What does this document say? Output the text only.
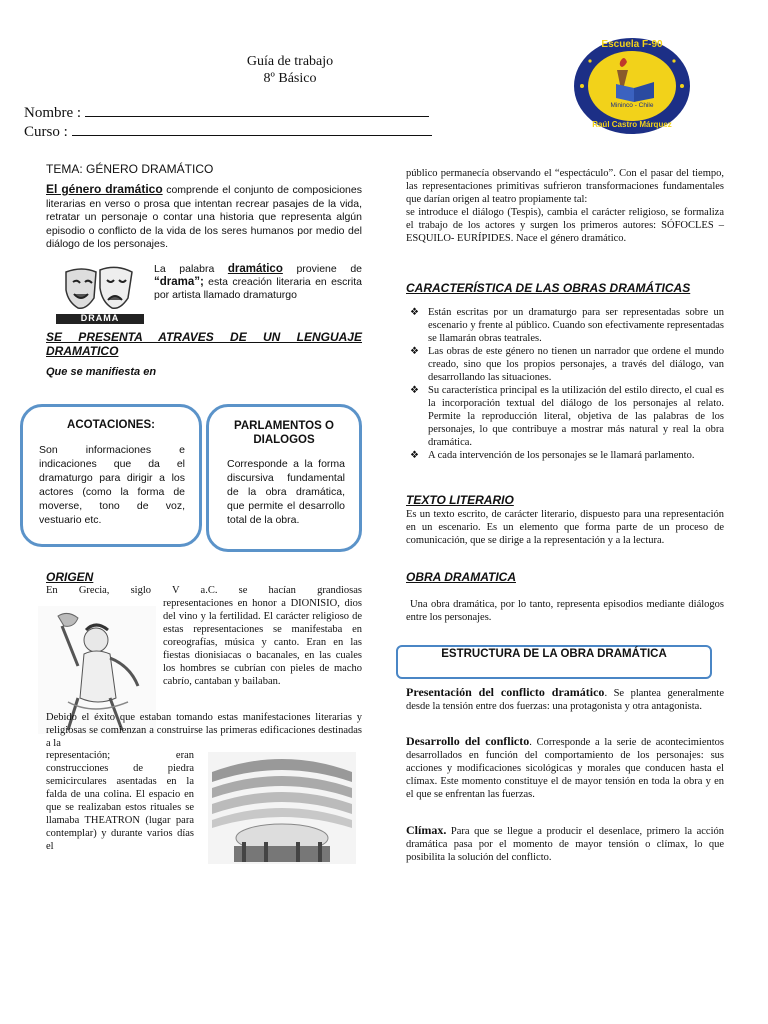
Guía de trabajo
8º Básico
Nombre :
Curso :
Escuela F-90
Mininco - Chile
Raúl Castro Márquez
TEMA: GÉNERO DRAMÁTICO
El género dramático comprende el conjunto de composiciones literarias en verso o prosa que intentan recrear pasajes de la vida, retratar un personaje o contar una historia que representa algún episodio o conflicto de la vida de los seres humanos por medio del diálogo de los personajes.
DRAMA
La palabra dramático proviene de “drama”; esta creación literaria en escrita por artista llamado dramaturgo
SE PRESENTA ATRAVES DE UN LENGUAJE DRAMATICO
Que se manifiesta en
ACOTACIONES:
Son informaciones e indicaciones que da el dramaturgo para dirigir a los actores (como la forma de moverse, tono de voz, vestuario etc.
PARLAMENTOS O DIALOGOS
Corresponde a la forma discursiva fundamental de la obra dramática, que permite el desarrollo total de la obra.
ORIGEN
En Grecia, siglo V a.C. se hacían grandiosas
representaciones en honor a DIONISIO, dios del vino y la fertilidad. El carácter religioso de estas representaciones se manifestaba en coreografías, música y canto. Eran en las fiestas dionisiacas o bacanales, en las cuales los hombres se cubrían con pieles de macho cabrío, cantaban y bailaban.
Debido el éxito que estaban tomando estas manifestaciones literarias y religiosas se comienzan a construirse las primeras edificaciones destinadas a la
representación; eran construcciones de piedra semicirculares asentadas en la falda de una colina. El espacio en que se realizaban estos rituales se llamaba THEATRON (lugar para contemplar) y durante varios días el
público permanecía observando el “espectáculo”. Con el pasar del tiempo, las representaciones primitivas sufrieron transformaciones fundamentales que darían origen al teatro propiamente tal:
se introduce el diálogo (Tespis), cambia el carácter religioso, se formaliza el trabajo de los actores y surgen los primeros autores: SÓFOCLES –ESQUILO- EURÍPIDES. Nace el género dramático.
CARACTERÍSTICA DE LAS OBRAS DRAMÁTICAS
❖ Están escritas por un dramaturgo para ser representadas sobre un escenario y frente al público. Cuando son efectivamente representadas se llamarán obras teatrales.
❖ Las obras de este género no tienen un narrador que ordene el mundo creado, sino que los propios personajes, a través del diálogo, van desarrollando las situaciones.
❖ Su característica principal es la utilización del estilo directo, el cual es la incorporación textual del diálogo de los personajes al relato. Permite la reproducción literal, objetiva de las palabras de los personajes, lo que contribuye a mostrar más natural y real la obra dramática.
❖ A cada intervención de los personajes se le llamará parlamento.
TEXTO LITERARIO
Es un texto escrito, de carácter literario, dispuesto para una representación en un escenario. Es un elemento que forma parte de un proceso de comunicación, que se dirige a la representación y a la lectura.
OBRA DRAMATICA
Una obra dramática, por lo tanto, representa episodios mediante diálogos entre los personajes.
ESTRUCTURA DE LA OBRA DRAMÁTICA
Presentación del conflicto dramático. Se plantea generalmente desde la tensión entre dos fuerzas: una protagonista y otra antagonista.
Desarrollo del conflicto. Corresponde a la serie de acontecimientos desarrollados en función del comportamiento de los personajes: sus acciones y modificaciones sicológicas y morales que conducen hasta el clímax. Este momento constituye el de mayor tensión en toda la obra y en el que se enfrentan las fuerzas.
Clímax. Para que se llegue a producir el desenlace, primero la acción dramática pasa por el momento de mayor tensión o clímax, lo que posibilita la solución del conflicto.
